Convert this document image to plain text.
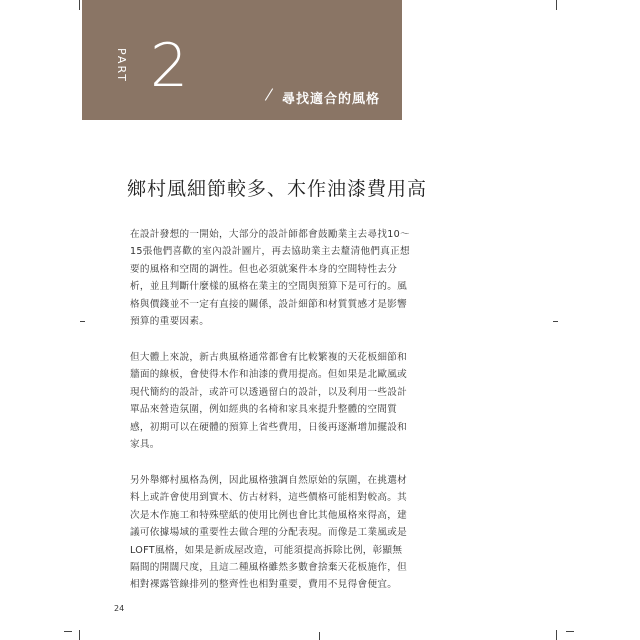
PART 2	尋找適合的風格
鄉村風細節較多、木作油漆費用高
在設計發想的一開始，大部分的設計師都會鼓勵業主去尋找10～15張他們喜歡的室內設計圖片，再去協助業主去釐清他們真正想要的風格和空間的調性。但也必須就案件本身的空間特性去分析，並且判斷什麼樣的風格在業主的空間與預算下是可行的。風格與價錢並不一定有直接的關係，設計細節和材質質感才是影響預算的重要因素。
但大體上來說，新古典風格通常都會有比較繁複的天花板細節和牆面的線板，會使得木作和油漆的費用提高。但如果是北歐風或現代簡約的設計，或許可以透過留白的設計，以及利用一些設計單品來營造氛圍，例如經典的名椅和家具來提升整體的空間質感，初期可以在硬體的預算上省些費用，日後再逐漸增加擺設和家具。
另外舉鄉村風格為例，因此風格強調自然原始的氛圍，在挑選材料上或許會使用到實木、仿古材料，這些價格可能相對較高。其次是木作施工和特殊壁紙的使用比例也會比其他風格來得高，建議可依據場域的重要性去做合理的分配表現。而像是工業風或是LOFT風格，如果是新成屋改造，可能須提高拆除比例，彰顯無隔間的開闊尺度，且這二種風格雖然多數會捨棄天花板施作，但相對裸露管線排列的整齊性也相對重要，費用不見得會便宜。
24
